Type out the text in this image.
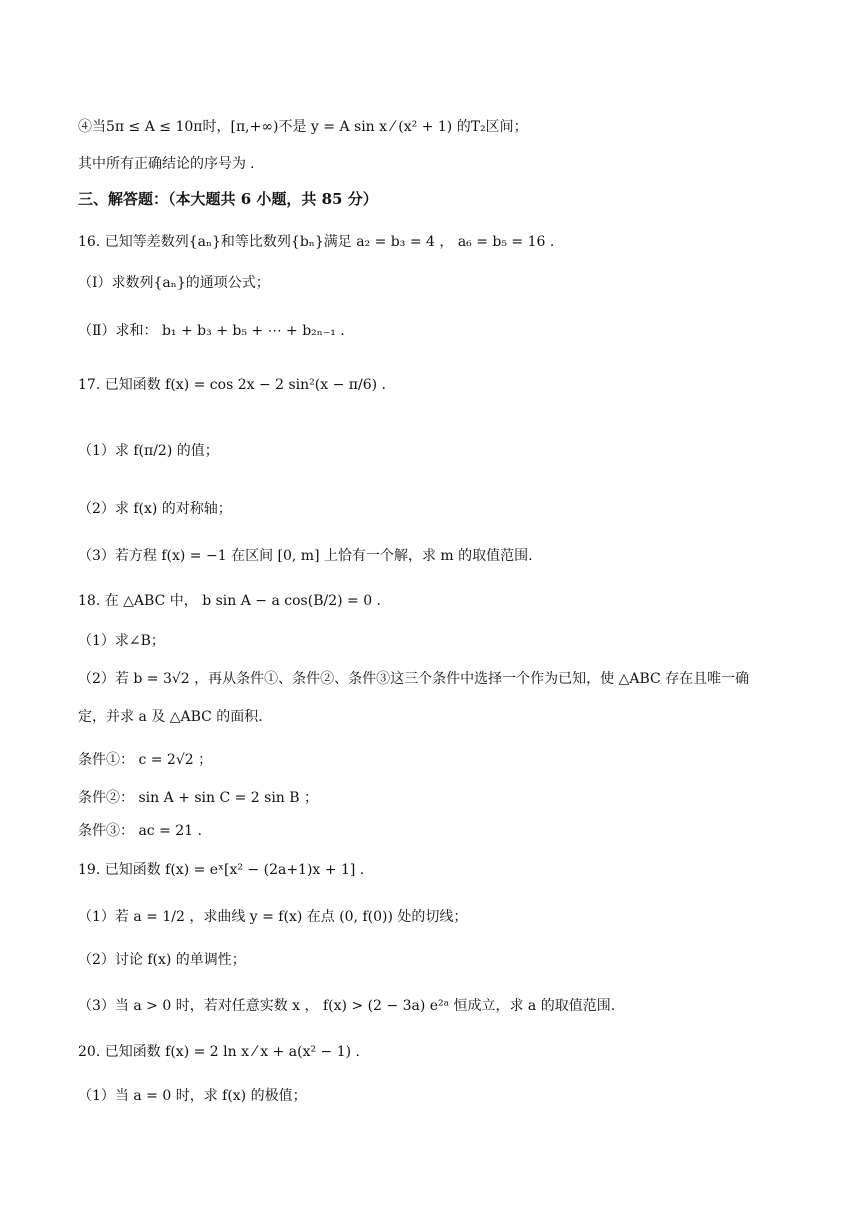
④当5π ≤ A ≤ 10π时，[π,+∞)不是 y = A sin x ⁄ (x² + 1) 的T₂区间；
其中所有正确结论的序号为 .
三、解答题：（本大题共 6 小题，共 85 分）
16. 已知等差数列{aₙ}和等比数列{bₙ}满足 a₂ = b₃ = 4 ， a₆ = b₅ = 16 .
（Ⅰ）求数列{aₙ}的通项公式；
（Ⅱ）求和： b₁ + b₃ + b₅ + ⋯ + b₂ₙ₋₁ .
17. 已知函数 f(x) = cos 2x − 2 sin²(x − π/6) .
（1）求 f(π/2) 的值；
（2）求 f(x) 的对称轴；
（3）若方程 f(x) = −1 在区间 [0, m] 上恰有一个解，求 m 的取值范围.
18. 在 △ABC 中， b sin A − a cos(B/2) = 0 .
（1）求∠B；
（2）若 b = 3√2 ，再从条件①、条件②、条件③这三个条件中选择一个作为已知，使 △ABC 存在且唯一确
定，并求 a 及 △ABC 的面积.
条件①： c = 2√2 ；
条件②： sin A + sin C = 2 sin B ；
条件③： ac = 21 .
19. 已知函数 f(x) = eˣ[x² − (2a+1)x + 1] .
（1）若 a = 1/2 ，求曲线 y = f(x) 在点 (0, f(0)) 处的切线；
（2）讨论 f(x) 的单调性；
（3）当 a > 0 时，若对任意实数 x ， f(x) > (2 − 3a) e²ᵃ 恒成立，求 a 的取值范围.
20. 已知函数 f(x) = 2 ln x ⁄ x + a(x² − 1) .
（1）当 a = 0 时，求 f(x) 的极值；
